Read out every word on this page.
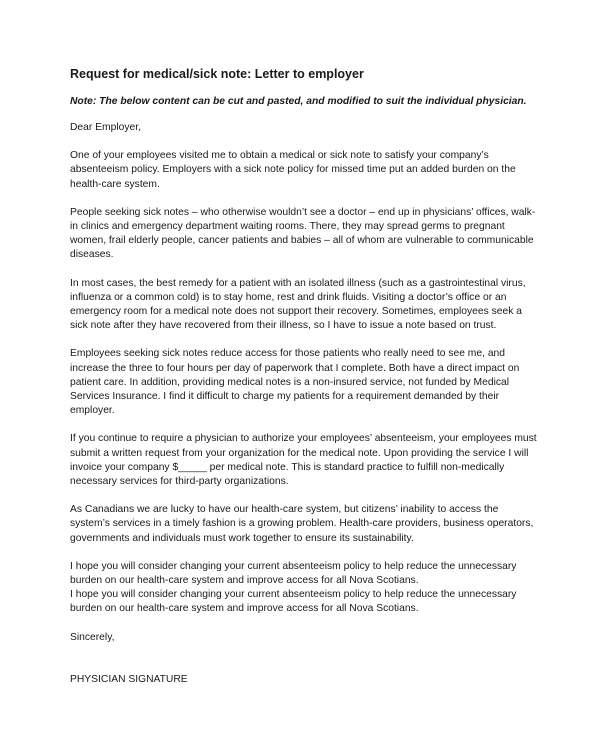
Request for medical/sick note: Letter to employer

Note: The below content can be cut and pasted, and modified to suit the individual physician.

Dear Employer,

One of your employees visited me to obtain a medical or sick note to satisfy your company’s absenteeism policy. Employers with a sick note policy for missed time put an added burden on the health-care system.

People seeking sick notes – who otherwise wouldn’t see a doctor – end up in physicians’ offices, walk-in clinics and emergency department waiting rooms. There, they may spread germs to pregnant women, frail elderly people, cancer patients and babies – all of whom are vulnerable to communicable diseases.

In most cases, the best remedy for a patient with an isolated illness (such as a gastrointestinal virus, influenza or a common cold) is to stay home, rest and drink fluids. Visiting a doctor’s office or an emergency room for a medical note does not support their recovery. Sometimes, employees seek a sick note after they have recovered from their illness, so I have to issue a note based on trust.

Employees seeking sick notes reduce access for those patients who really need to see me, and increase the three to four hours per day of paperwork that I complete. Both have a direct impact on patient care. In addition, providing medical notes is a non-insured service, not funded by Medical Services Insurance. I find it difficult to charge my patients for a requirement demanded by their employer.

If you continue to require a physician to authorize your employees’ absenteeism, your employees must submit a written request from your organization for the medical note. Upon providing the service I will invoice your company $_____ per medical note. This is standard practice to fulfill non-medically necessary services for third-party organizations.

As Canadians we are lucky to have our health-care system, but citizens’ inability to access the system’s services in a timely fashion is a growing problem. Health-care providers, business operators, governments and individuals must work together to ensure its sustainability.

I hope you will consider changing your current absenteeism policy to help reduce the unnecessary burden on our health-care system and improve access for all Nova Scotians.

I hope you will consider changing your current absenteeism policy to help reduce the unnecessary burden on our health-care system and improve access for all Nova Scotians.

Sincerely,

PHYSICIAN SIGNATURE
